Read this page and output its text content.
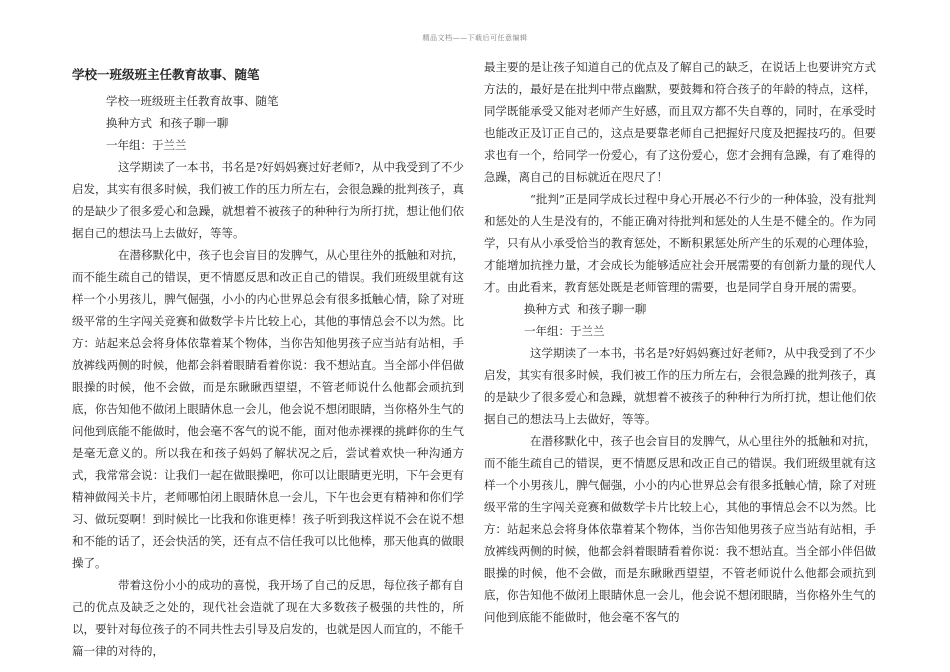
精品文档——下载后可任意编辑
学校一班级班主任教育故事、随笔

学校一班级班主任教育故事、随笔

换种方式  和孩子聊一聊

一年组：于兰兰

这学期读了一本书，书名是?好妈妈赛过好老师?，从中我受到了不少启发，其实有很多时候，我们被工作的压力所左右，会很急躁的批判孩子，真的是缺少了很多爱心和急躁，就想着不被孩子的种种行为所打扰，想让他们依据自己的想法马上去做好，等等。

在潜移默化中，孩子也会盲目的发脾气，从心里往外的抵触和对抗，而不能生疏自己的错误，更不情愿反思和改正自己的错误。我们班级里就有这样一个小男孩儿，脾气倔强，小小的内心世界总会有很多抵触心情，除了对班级平常的生字闯关竞赛和做数学卡片比较上心，其他的事情总会不以为然。比方：站起来总会将身体依靠着某个物体，当你告知他男孩子应当站有站相，手放裤线两侧的时候，他都会斜着眼睛看着你说：我不想站直。当全部小伴侣做眼操的时候，他不会做，而是东瞅瞅西望望，不管老师说什么他都会顽抗到底，你告知他不做闭上眼睛休息一会儿，他会说不想闭眼睛，当你格外生气的问他到底能不能做时，他会毫不客气的说不能，面对他赤裸裸的挑衅你的生气是毫无意义的。所以我在和孩子妈妈了解状况之后，尝试着欢快一种沟通方式，我常常会说：让我们一起在做眼操吧，你可以让眼睛更光明，下午会更有精神做闯关卡片，老师哪怕闭上眼睛休息一会儿，下午也会更有精神和你们学习、做玩耍啊！到时候比一比我和你谁更棒！孩子听到我这样说不会在说不想和不能的话了，还会快活的笑，还有点不信任我可以比他棒，那天他真的做眼操了。

带着这份小小的成功的喜悦，我开场了自己的反思，每位孩子都有自己的优点及缺乏之处的，现代社会造就了现在大多数孩子极强的共性的，所以，要针对每位孩子的不同共性去引导及启发的，也就是因人而宜的，不能千篇一律的对待的，

最主要的是让孩子知道自己的优点及了解自己的缺乏，在说话上也要讲究方式方法的，最好是在批判中带点幽默，要鼓舞和符合孩子的年龄的特点，这样，同学既能承受又能对老师产生好感，而且双方都不失自尊的，同时，在承受时也能改正及订正自己的，这点是要靠老师自己把握好尺度及把握技巧的。但要求也有一个，给同学一份爱心，有了这份爱心，您才会拥有急躁，有了难得的急躁，离自己的目标就近在咫尺了！

“批判”正是同学成长过程中身心开展必不行少的一种体验，没有批判和惩处的人生是没有的，不能正确对待批判和惩处的人生是不健全的。作为同学，只有从小承受恰当的教育惩处，不断积累惩处所产生的乐观的心理体验，才能增加抗挫力量，才会成长为能够适应社会开展需要的有创新力量的现代人才。由此看来，教育惩处既是老师管理的需要，也是同学自身开展的需要。

换种方式  和孩子聊一聊

一年组：于兰兰

这学期读了一本书，书名是?好妈妈赛过好老师?，从中我受到了不少启发，其实有很多时候，我们被工作的压力所左右，会很急躁的批判孩子，真的是缺少了很多爱心和急躁，就想着不被孩子的种种行为所打扰，想让他们依据自己的想法马上去做好，等等。

在潜移默化中，孩子也会盲目的发脾气，从心里往外的抵触和对抗，而不能生疏自己的错误，更不情愿反思和改正自己的错误。我们班级里就有这样一个小男孩儿，脾气倔强，小小的内心世界总会有很多抵触心情，除了对班级平常的生字闯关竞赛和做数学卡片比较上心，其他的事情总会不以为然。比方：站起来总会将身体依靠着某个物体，当你告知他男孩子应当站有站相，手放裤线两侧的时候，他都会斜着眼睛看着你说：我不想站直。当全部小伴侣做眼操的时候，他不会做，而是东瞅瞅西望望，不管老师说什么他都会顽抗到底，你告知他不做闭上眼睛休息一会儿，他会说不想闭眼睛，当你格外生气的问他到底能不能做时，他会毫不客气的
